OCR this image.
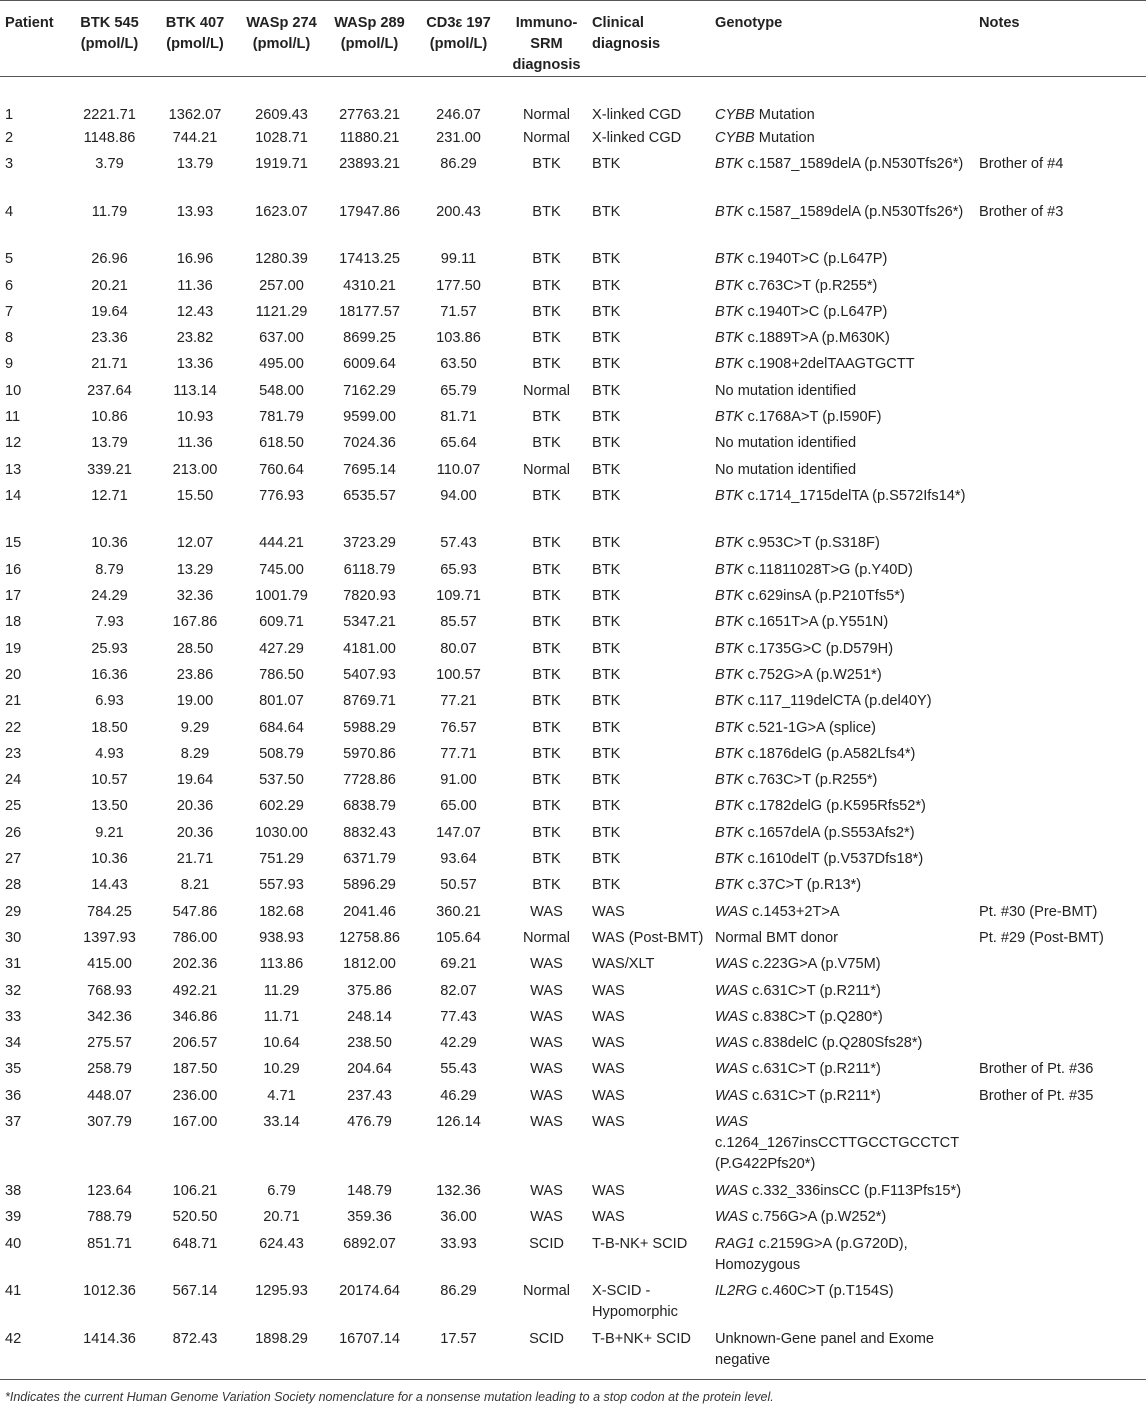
Patient	BTK 545 (pmol/L)	BTK 407 (pmol/L)	WASp 274 (pmol/L)	WASp 289 (pmol/L)	CD3ε 197 (pmol/L)	Immuno-SRM diagnosis	Clinical diagnosis	Genotype	Notes
1	2221.71	1362.07	2609.43	27763.21	246.07	Normal	X-linked CGD	CYBB Mutation	
2	1148.86	744.21	1028.71	11880.21	231.00	Normal	X-linked CGD	CYBB Mutation	
3	3.79	13.79	1919.71	23893.21	86.29	BTK	BTK	BTK c.1587_1589delA (p.N530Tfs26*)	Brother of #4
4	11.79	13.93	1623.07	17947.86	200.43	BTK	BTK	BTK c.1587_1589delA (p.N530Tfs26*)	Brother of #3
5	26.96	16.96	1280.39	17413.25	99.11	BTK	BTK	BTK c.1940T>C (p.L647P)	
6	20.21	11.36	257.00	4310.21	177.50	BTK	BTK	BTK c.763C>T (p.R255*)	
7	19.64	12.43	1121.29	18177.57	71.57	BTK	BTK	BTK c.1940T>C (p.L647P)	
8	23.36	23.82	637.00	8699.25	103.86	BTK	BTK	BTK c.1889T>A (p.M630K)	
9	21.71	13.36	495.00	6009.64	63.50	BTK	BTK	BTK c.1908+2delTAAGTGCTT	
10	237.64	113.14	548.00	7162.29	65.79	Normal	BTK	No mutation identified	
11	10.86	10.93	781.79	9599.00	81.71	BTK	BTK	BTK c.1768A>T (p.I590F)	
12	13.79	11.36	618.50	7024.36	65.64	BTK	BTK	No mutation identified	
13	339.21	213.00	760.64	7695.14	110.07	Normal	BTK	No mutation identified	
14	12.71	15.50	776.93	6535.57	94.00	BTK	BTK	BTK c.1714_1715delTA (p.S572Ifs14*)	
15	10.36	12.07	444.21	3723.29	57.43	BTK	BTK	BTK c.953C>T (p.S318F)	
16	8.79	13.29	745.00	6118.79	65.93	BTK	BTK	BTK c.11811028T>G (p.Y40D)	
17	24.29	32.36	1001.79	7820.93	109.71	BTK	BTK	BTK c.629insA (p.P210Tfs5*)	
18	7.93	167.86	609.71	5347.21	85.57	BTK	BTK	BTK c.1651T>A (p.Y551N)	
19	25.93	28.50	427.29	4181.00	80.07	BTK	BTK	BTK c.1735G>C (p.D579H)	
20	16.36	23.86	786.50	5407.93	100.57	BTK	BTK	BTK c.752G>A (p.W251*)	
21	6.93	19.00	801.07	8769.71	77.21	BTK	BTK	BTK c.117_119delCTA (p.del40Y)	
22	18.50	9.29	684.64	5988.29	76.57	BTK	BTK	BTK c.521-1G>A (splice)	
23	4.93	8.29	508.79	5970.86	77.71	BTK	BTK	BTK c.1876delG (p.A582Lfs4*)	
24	10.57	19.64	537.50	7728.86	91.00	BTK	BTK	BTK c.763C>T (p.R255*)	
25	13.50	20.36	602.29	6838.79	65.00	BTK	BTK	BTK c.1782delG (p.K595Rfs52*)	
26	9.21	20.36	1030.00	8832.43	147.07	BTK	BTK	BTK c.1657delA (p.S553Afs2*)	
27	10.36	21.71	751.29	6371.79	93.64	BTK	BTK	BTK c.1610delT (p.V537Dfs18*)	
28	14.43	8.21	557.93	5896.29	50.57	BTK	BTK	BTK c.37C>T (p.R13*)	
29	784.25	547.86	182.68	2041.46	360.21	WAS	WAS	WAS c.1453+2T>A	Pt. #30 (Pre-BMT)
30	1397.93	786.00	938.93	12758.86	105.64	Normal	WAS (Post-BMT)	Normal BMT donor	Pt. #29 (Post-BMT)
31	415.00	202.36	113.86	1812.00	69.21	WAS	WAS/XLT	WAS c.223G>A (p.V75M)	
32	768.93	492.21	11.29	375.86	82.07	WAS	WAS	WAS c.631C>T (p.R211*)	
33	342.36	346.86	11.71	248.14	77.43	WAS	WAS	WAS c.838C>T (p.Q280*)	
34	275.57	206.57	10.64	238.50	42.29	WAS	WAS	WAS c.838delC (p.Q280Sfs28*)	
35	258.79	187.50	10.29	204.64	55.43	WAS	WAS	WAS c.631C>T (p.R211*)	Brother of Pt. #36
36	448.07	236.00	4.71	237.43	46.29	WAS	WAS	WAS c.631C>T (p.R211*)	Brother of Pt. #35
37	307.79	167.00	33.14	476.79	126.14	WAS	WAS	WAS c.1264_1267insCCTTGCCTGCCTCT (P.G422Pfs20*)	
38	123.64	106.21	6.79	148.79	132.36	WAS	WAS	WAS c.332_336insCC (p.F113Pfs15*)	
39	788.79	520.50	20.71	359.36	36.00	WAS	WAS	WAS c.756G>A (p.W252*)	
40	851.71	648.71	624.43	6892.07	33.93	SCID	T-B-NK+ SCID	RAG1 c.2159G>A (p.G720D), Homozygous	
41	1012.36	567.14	1295.93	20174.64	86.29	Normal	X-SCID - Hypomorphic	IL2RG c.460C>T (p.T154S)	
42	1414.36	872.43	1898.29	16707.14	17.57	SCID	T-B+NK+ SCID	Unknown-Gene panel and Exome negative	
*Indicates the current Human Genome Variation Society nomenclature for a nonsense mutation leading to a stop codon at the protein level.
